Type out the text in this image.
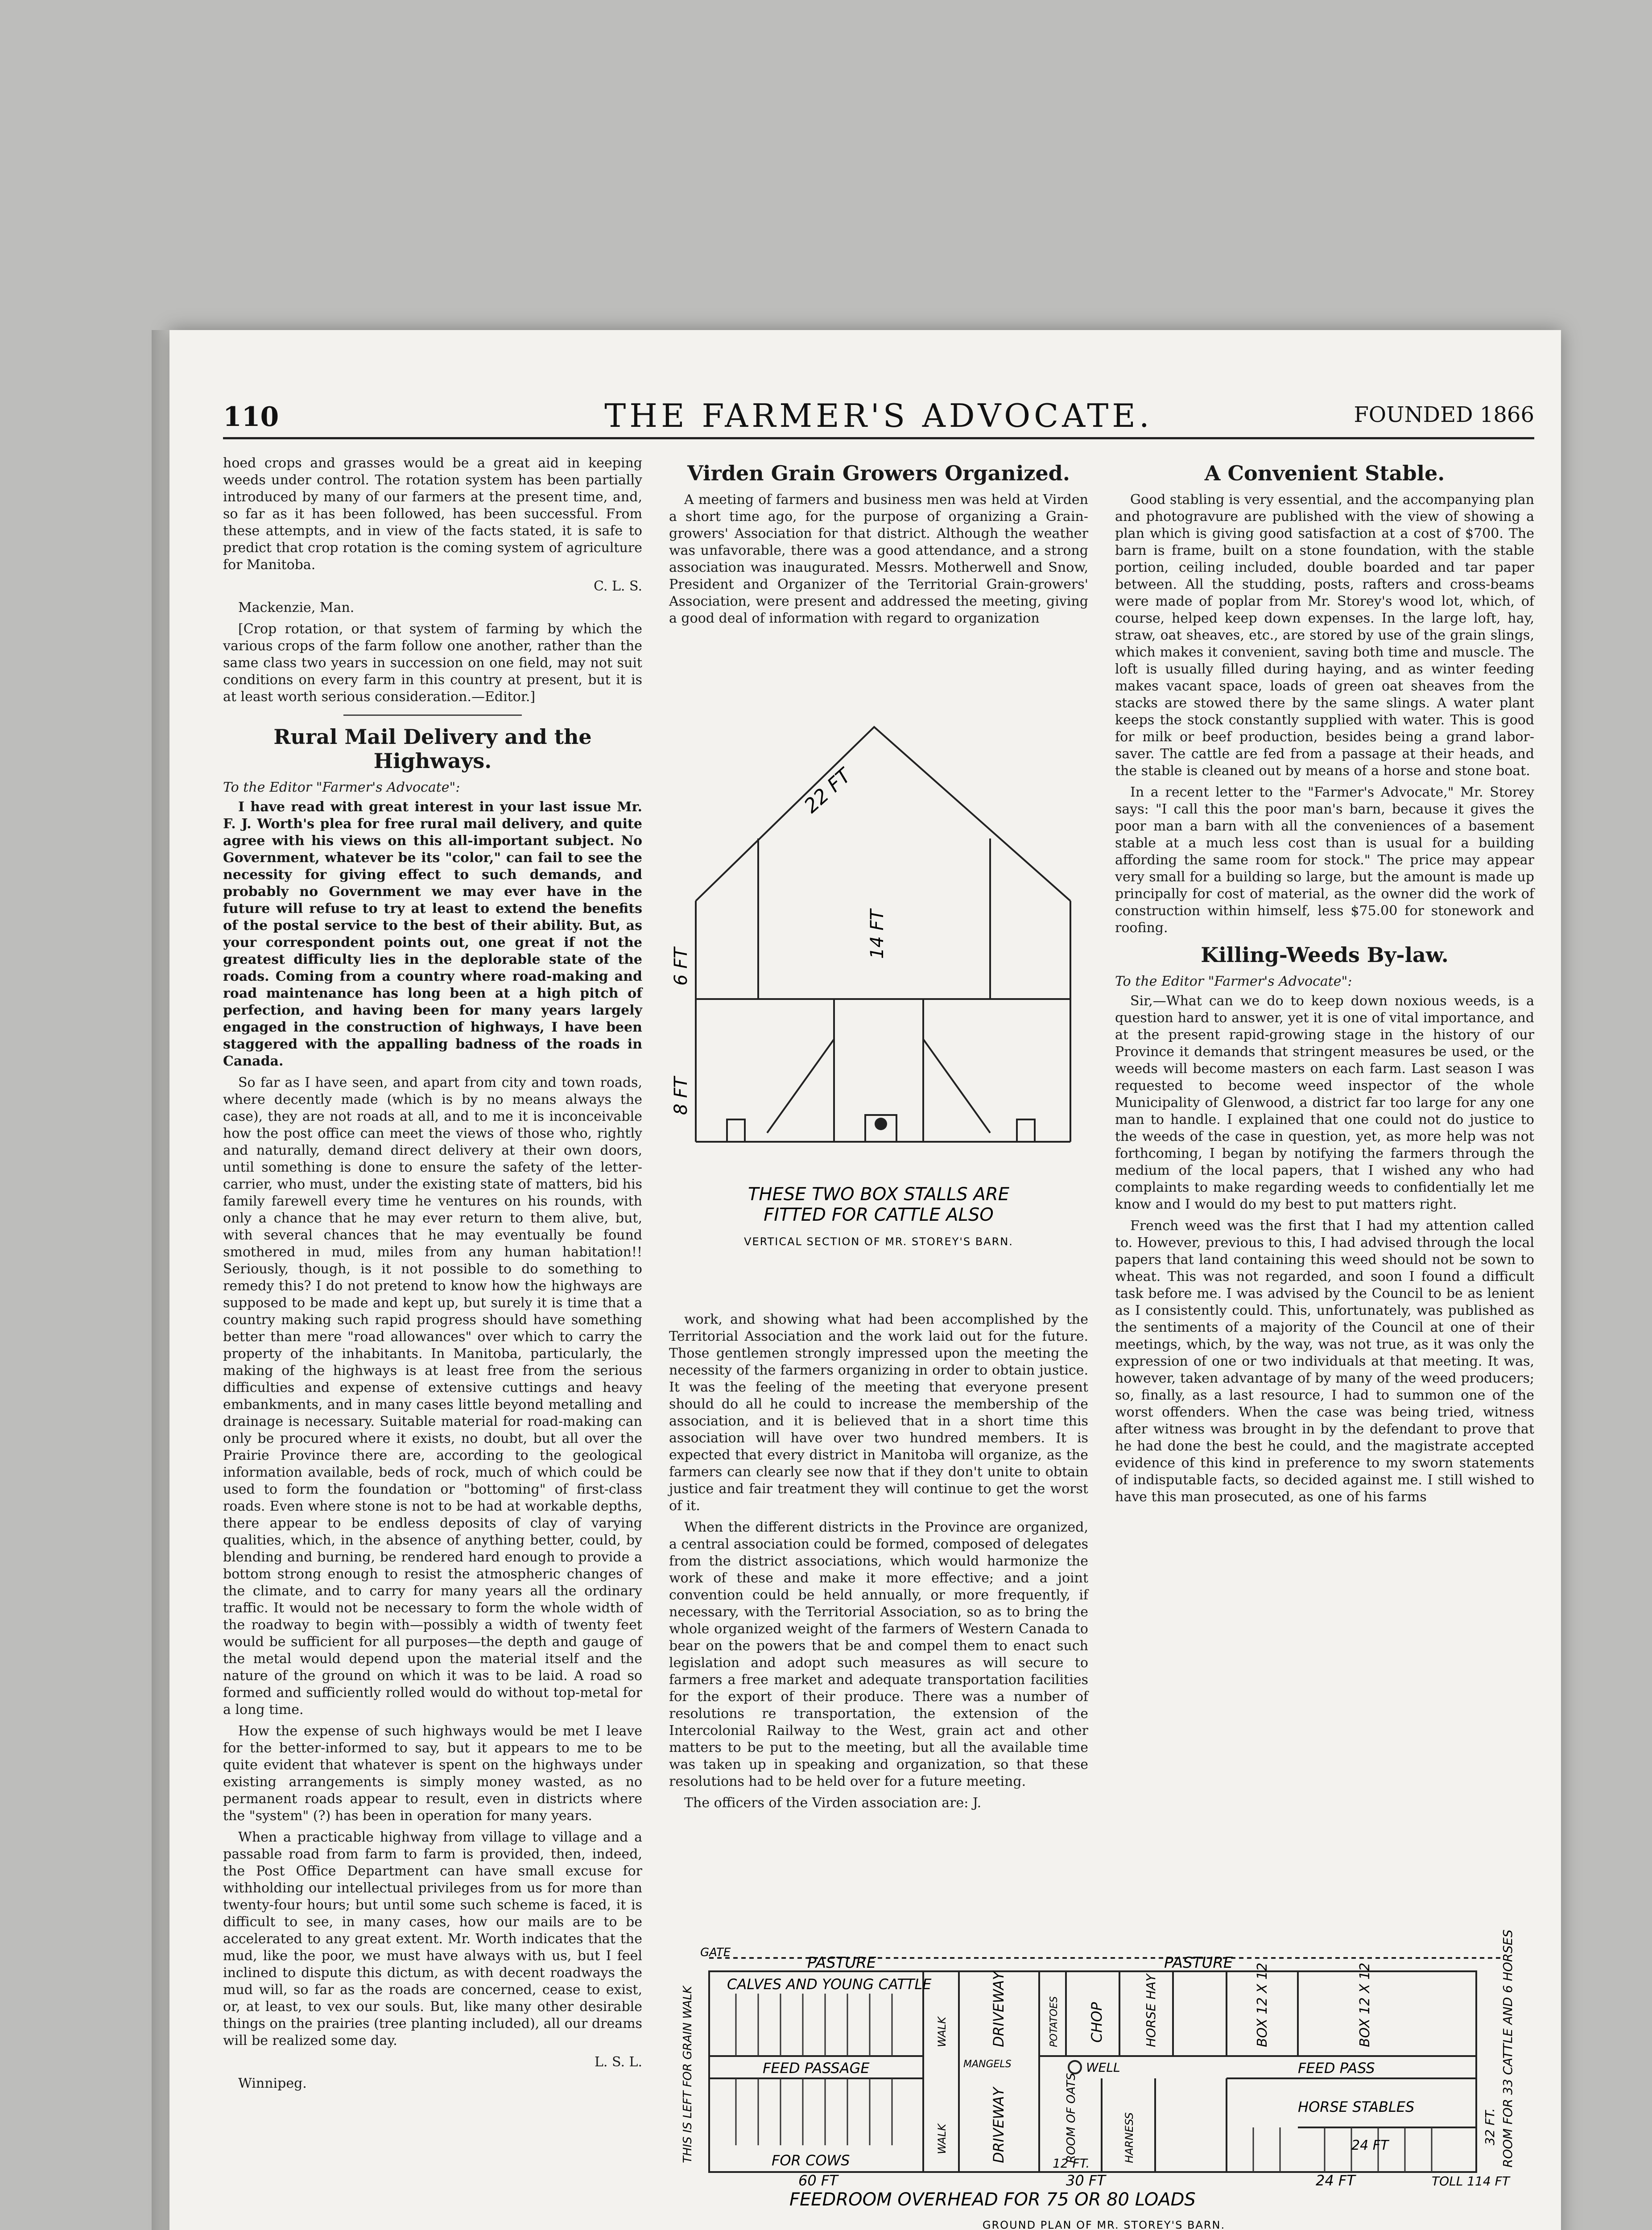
110	THE FARMER'S ADVOCATE.	FOUNDED 1866

hoed crops and grasses would be a great aid in keeping weeds under control. The rotation system has been partially introduced by many of our farmers at the present time, and, so far as it has been followed, has been successful. From these attempts, and in view of the facts stated, it is safe to predict that crop rotation is the coming system of agriculture for Manitoba.

C. L. S.

Mackenzie, Man.

[Crop rotation, or that system of farming by which the various crops of the farm follow one another, rather than the same class two years in succession on one field, may not suit conditions on every farm in this country at present, but it is at least worth serious consideration.—Editor.]

Rural Mail Delivery and the Highways.

To the Editor "Farmer's Advocate":

I have read with great interest in your last issue Mr. F. J. Worth's plea for free rural mail delivery, and quite agree with his views on this all-important subject. No Government, whatever be its "color," can fail to see the necessity for giving effect to such demands, and probably no Government we may ever have in the future will refuse to try at least to extend the benefits of the postal service to the best of their ability. But, as your correspondent points out, one great if not the greatest difficulty lies in the deplorable state of the roads. Coming from a country where road-making and road maintenance has long been at a high pitch of perfection, and having been for many years largely engaged in the construction of highways, I have been staggered with the appalling badness of the roads in Canada.

So far as I have seen, and apart from city and town roads, where decently made (which is by no means always the case), they are not roads at all, and to me it is inconceivable how the post office can meet the views of those who, rightly and naturally, demand direct delivery at their own doors, until something is done to ensure the safety of the letter-carrier, who must, under the existing state of matters, bid his family farewell every time he ventures on his rounds, with only a chance that he may ever return to them alive, but, with several chances that he may eventually be found smothered in mud, miles from any human habitation!! Seriously, though, is it not possible to do something to remedy this? I do not pretend to know how the highways are supposed to be made and kept up, but surely it is time that a country making such rapid progress should have something better than mere "road allowances" over which to carry the property of the inhabitants. In Manitoba, particularly, the making of the highways is at least free from the serious difficulties and expense of extensive cuttings and heavy embankments, and in many cases little beyond metalling and drainage is necessary. Suitable material for road-making can only be procured where it exists, no doubt, but all over the Prairie Province there are, according to the geological information available, beds of rock, much of which could be used to form the foundation or "bottoming" of first-class roads. Even where stone is not to be had at workable depths, there appear to be endless deposits of clay of varying qualities, which, in the absence of anything better, could, by blending and burning, be rendered hard enough to provide a bottom strong enough to resist the atmospheric changes of the climate, and to carry for many years all the ordinary traffic. It would not be necessary to form the whole width of the roadway to begin with—possibly a width of twenty feet would be sufficient for all purposes—the depth and gauge of the metal would depend upon the material itself and the nature of the ground on which it was to be laid. A road so formed and sufficiently rolled would do without top-metal for a long time.

How the expense of such highways would be met I leave for the better-informed to say, but it appears to me to be quite evident that whatever is spent on the highways under existing arrangements is simply money wasted, as no permanent roads appear to result, even in districts where the "system" (?) has been in operation for many years.

When a practicable highway from village to village and a passable road from farm to farm is provided, then, indeed, the Post Office Department can have small excuse for withholding our intellectual privileges from us for more than twenty-four hours; but until some such scheme is faced, it is difficult to see, in many cases, how our mails are to be accelerated to any great extent. Mr. Worth indicates that the mud, like the poor, we must have always with us, but I feel inclined to dispute this dictum, as with decent roadways the mud will, so far as the roads are concerned, cease to exist, or, at least, to vex our souls. But, like many other desirable things on the prairies (tree planting included), all our dreams will be realized some day.

L. S. L.

Winnipeg.

Virden Grain Growers Organized.

A meeting of farmers and business men was held at Virden a short time ago, for the purpose of organizing a Grain-growers' Association for that district. Although the weather was unfavorable, there was a good attendance, and a strong association was inaugurated. Messrs. Motherwell and Snow, President and Organizer of the Territorial Grain-growers' Association, were present and addressed the meeting, giving a good deal of information with regard to organization

22 FT
14 FT
6 FT
8 FT
THESE TWO BOX STALLS ARE FITTED FOR CATTLE ALSO
VERTICAL SECTION OF MR. STOREY'S BARN.

work, and showing what had been accomplished by the Territorial Association and the work laid out for the future. Those gentlemen strongly impressed upon the meeting the necessity of the farmers organizing in order to obtain justice. It was the feeling of the meeting that everyone present should do all he could to increase the membership of the association, and it is believed that in a short time this association will have over two hundred members. It is expected that every district in Manitoba will organize, as the farmers can clearly see now that if they don't unite to obtain justice and fair treatment they will continue to get the worst of it.

When the different districts in the Province are organized, a central association could be formed, composed of delegates from the district associations, which would harmonize the work of these and make it more effective; and a joint convention could be held annually, or more frequently, if necessary, with the Territorial Association, so as to bring the whole organized weight of the farmers of Western Canada to bear on the powers that be and compel them to enact such legislation and adopt such measures as will secure to farmers a free market and adequate transportation facilities for the export of their produce. There was a number of resolutions re transportation, the extension of the Intercolonial Railway to the West, grain act and other matters to be put to the meeting, but all the available time was taken up in speaking and organization, so that these resolutions had to be held over for a future meeting.

The officers of the Virden association are: J.

A Convenient Stable.

Good stabling is very essential, and the accompanying plan and photogravure are published with the view of showing a plan which is giving good satisfaction at a cost of $700. The barn is frame, built on a stone foundation, with the stable portion, ceiling included, double boarded and tar paper between. All the studding, posts, rafters and cross-beams were made of poplar from Mr. Storey's wood lot, which, of course, helped keep down expenses. In the large loft, hay, straw, oat sheaves, etc., are stored by use of the grain slings, which makes it convenient, saving both time and muscle. The loft is usually filled during haying, and as winter feeding makes vacant space, loads of green oat sheaves from the stacks are stowed there by the same slings. A water plant keeps the stock constantly supplied with water. This is good for milk or beef production, besides being a grand labor-saver. The cattle are fed from a passage at their heads, and the stable is cleaned out by means of a horse and stone boat.

In a recent letter to the "Farmer's Advocate," Mr. Storey says: "I call this the poor man's barn, because it gives the poor man a barn with all the conveniences of a basement stable at a much less cost than is usual for a building affording the same room for stock." The price may appear very small for a building so large, but the amount is made up principally for cost of material, as the owner did the work of construction within himself, less $75.00 for stonework and roofing.

Killing-Weeds By-law.

To the Editor "Farmer's Advocate":

Sir,—What can we do to keep down noxious weeds, is a question hard to answer, yet it is one of vital importance, and at the present rapid-growing stage in the history of our Province it demands that stringent measures be used, or the weeds will become masters on each farm. Last season I was requested to become weed inspector of the whole Municipality of Glenwood, a district far too large for any one man to handle. I explained that one could not do justice to the weeds of the case in question, yet, as more help was not forthcoming, I began by notifying the farmers through the medium of the local papers, that I wished any who had complaints to make regarding weeds to confidentially let me know and I would do my best to put matters right.

French weed was the first that I had my attention called to. However, previous to this, I had advised through the local papers that land containing this weed should not be sown to wheat. This was not regarded, and soon I found a difficult task before me. I was advised by the Council to be as lenient as I consistently could. This, unfortunately, was published as the sentiments of a majority of the Council at one of their meetings, which, by the way, was not true, as it was only the expression of one or two individuals at that meeting. It was, however, taken advantage of by many of the weed producers; so, finally, as a last resource, I had to summon one of the worst offenders. When the case was being tried, witness after witness was brought in by the defendant to prove that he had done the best he could, and the magistrate accepted evidence of this kind in preference to my sworn statements of indisputable facts, so decided against me. I still wished to have this man prosecuted, as one of his farms

GATE
PASTURE	PASTURE
CALVES AND YOUNG CATTLE
WALK	DRIVEWAY	POTATOES CHOP	HORSE HAY	BOX 12 X 12	BOX 12 X 12
FEED PASSAGE	MANGELS	WELL	FEED PASS
WALK	DRIVEWAY	ROOM OF OATS	HARNESS
HORSE STABLES
12 FT.
24 FT
FOR COWS	ROOM FOR 33 CATTLE AND 6 HORSES
32 FT.
THIS IS LEFT FOR GRAIN WALK
60 FT	30 FT	24 FT	TOLL 114 FT
FEEDROOM OVERHEAD FOR 75 OR 80 LOADS
GROUND PLAN OF MR. STOREY'S BARN.
